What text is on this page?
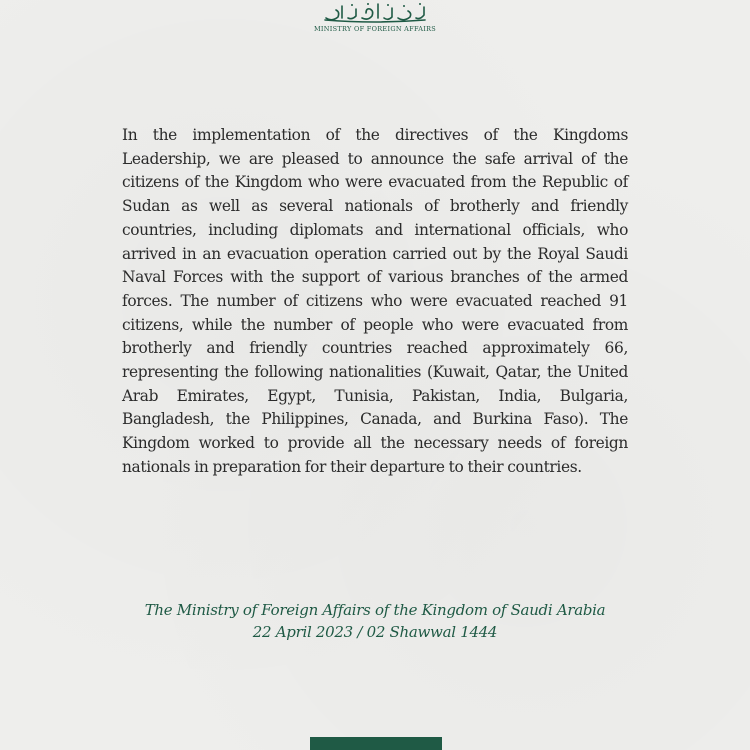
MINISTRY OF FOREIGN AFFAIRS

In the implementation of the directives of the Kingdoms Leadership, we are pleased to announce the safe arrival of the citizens of the Kingdom who were evacuated from the Republic of Sudan as well as several nationals of brotherly and friendly countries, including diplomats and international officials, who arrived in an evacuation operation carried out by the Royal Saudi Naval Forces with the support of various branches of the armed forces. The number of citizens who were evacuated reached 91 citizens, while the number of people who were evacuated from brotherly and friendly countries reached approximately 66, representing the following nationalities (Kuwait, Qatar, the United Arab Emirates, Egypt, Tunisia, Pakistan, India, Bulgaria, Bangladesh, the Philippines, Canada, and Burkina Faso). The Kingdom worked to provide all the necessary needs of foreign nationals in preparation for their departure to their countries.

The Ministry of Foreign Affairs of the Kingdom of Saudi Arabia
22 April 2023 / 02 Shawwal 1444
